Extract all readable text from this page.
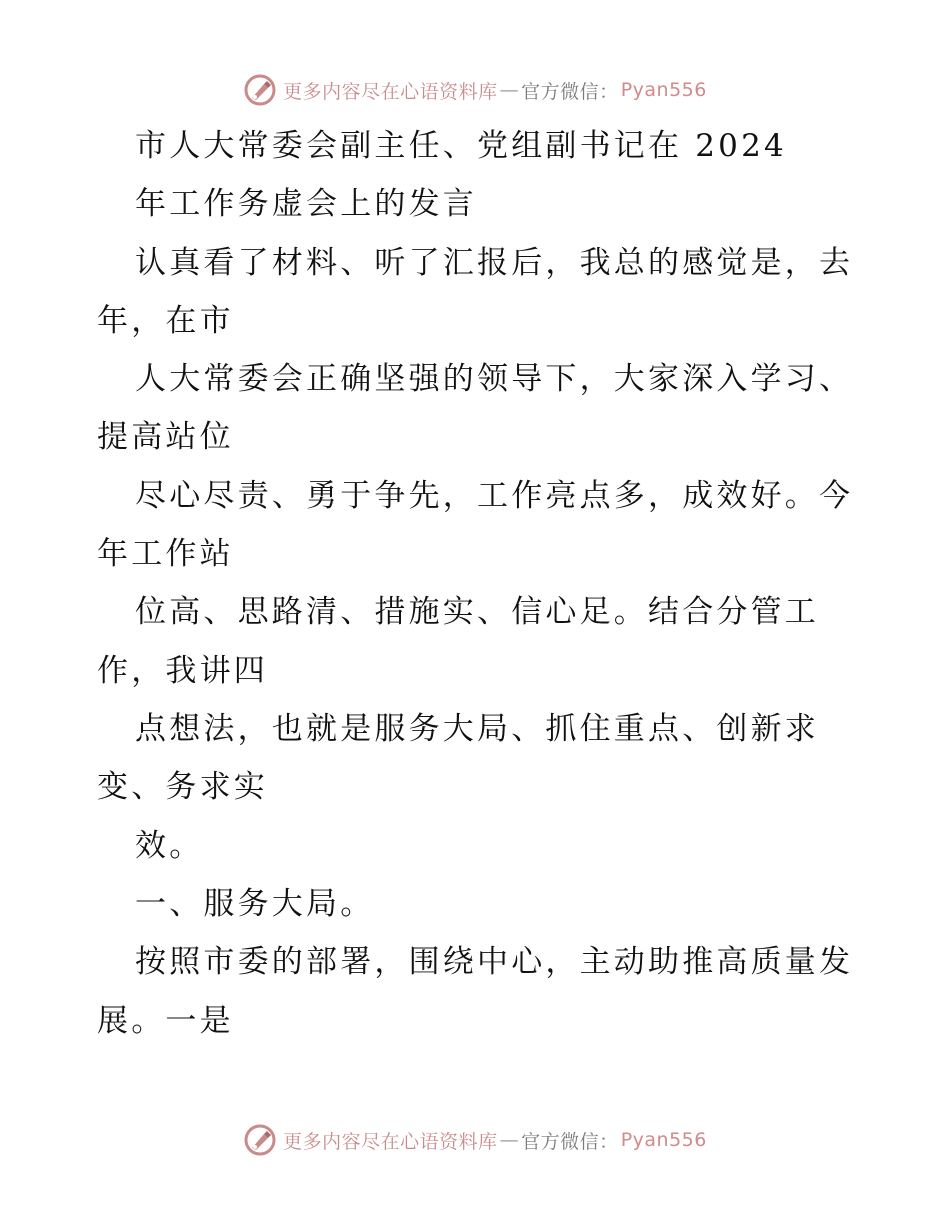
更多内容尽在心语资料库 — 官方微信： Pyan556
市人大常委会副主任、党组副书记在 2024
年工作务虚会上的发言
认真看了材料、听了汇报后，我总的感觉是，去
年，在市
人大常委会正确坚强的领导下，大家深入学习、
提高站位
尽心尽责、勇于争先，工作亮点多，成效好。今
年工作站
位高、思路清、措施实、信心足。结合分管工
作，我讲四
点想法，也就是服务大局、抓住重点、创新求
变、务求实
效。
一、服务大局。
按照市委的部署，围绕中心，主动助推高质量发
展。一是
更多内容尽在心语资料库 — 官方微信： Pyan556
